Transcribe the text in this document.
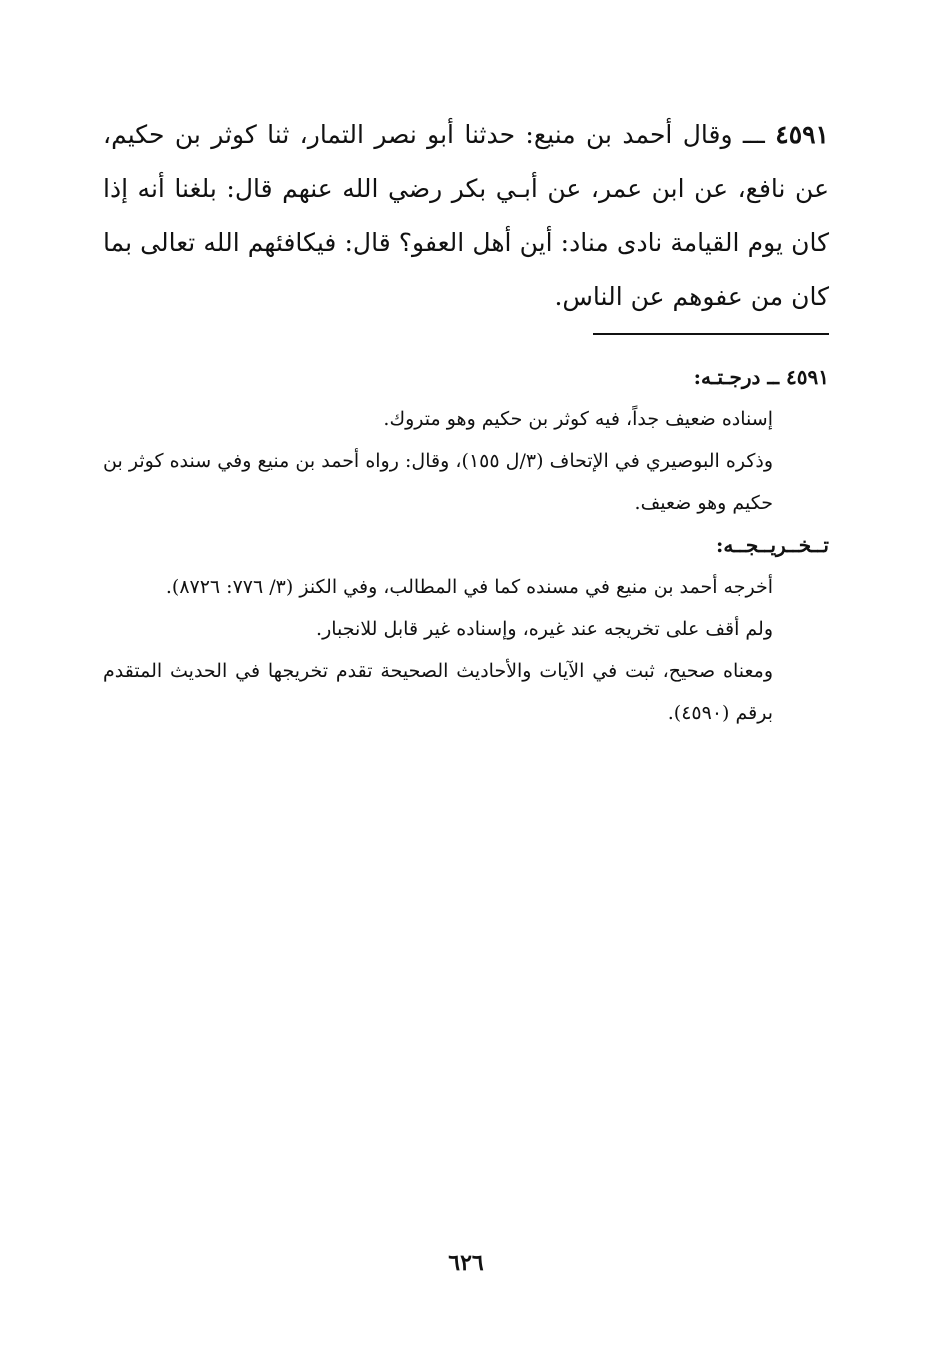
٤٥٩١ ـــ وقال أحمد بن منيع: حدثنا أبو نصر التمار، ثنا كوثر بن حكيم، عن نافع، عن ابن عمر، عن أبـي بكر رضي الله عنهم قال: بلغنا أنه إذا كان يوم القيامة نادى مناد: أين أهل العفو؟ قال: فيكافئهم الله تعالى بما كان من عفوهم عن الناس.

٤٥٩١ ــ درجـتـه:

إسناده ضعيف جداً، فيه كوثر بن حكيم وهو متروك.

وذكره البوصيري في الإتحاف (٣/ل ١٥٥)، وقال: رواه أحمد بن منيع وفي سنده كوثر بن حكيم وهو ضعيف.

تــخــريــجــه:

أخرجه أحمد بن منيع في مسنده كما في المطالب، وفي الكنز (٣/ ٧٧٦: ٨٧٢٦).

ولم أقف على تخريجه عند غيره، وإسناده غير قابل للانجبار.

ومعناه صحيح، ثبت في الآيات والأحاديث الصحيحة تقدم تخريجها في الحديث المتقدم برقم (٤٥٩٠).

٦٢٦
